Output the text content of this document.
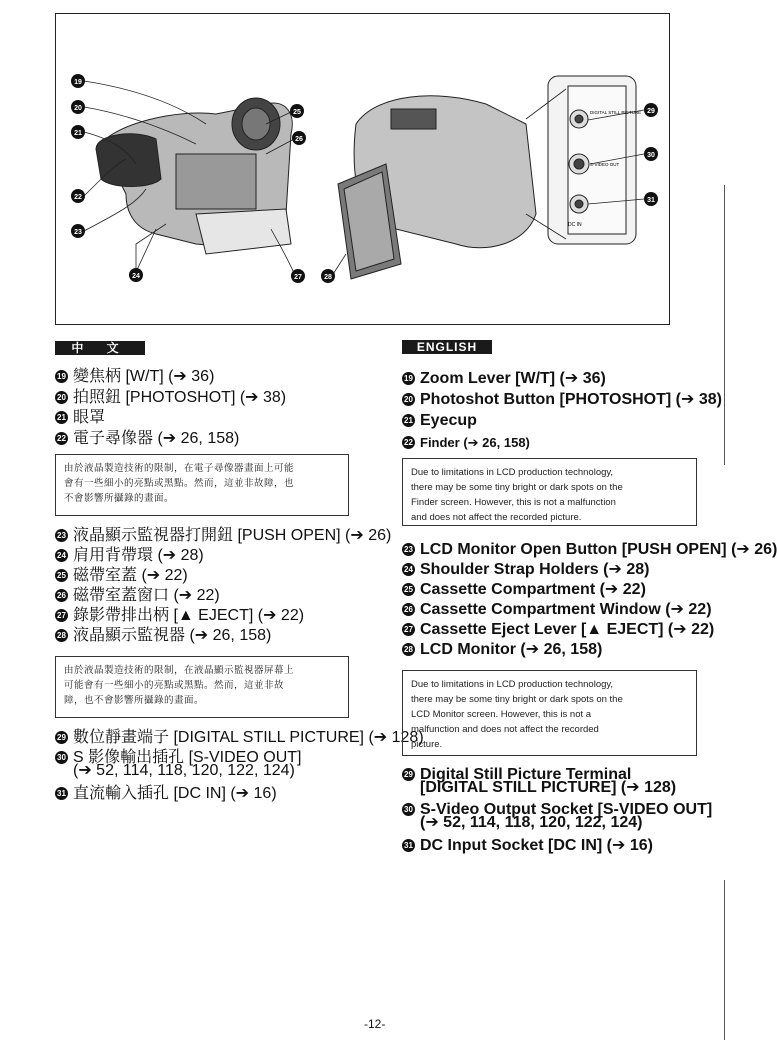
DIGITAL STILL PICTURE
S-VIDEO OUT
DC IN
19
20
21
22
23
24
25
26
27	28
29
30
31
中 文	ENGLISH
19 變焦柄 [W/T] (➔ 36)
20 拍照鈕 [PHOTOSHOT] (➔ 38)
21 眼罩
22 電子尋像器 (➔ 26, 158)
由於液晶製造技術的限制，在電子尋像器畫面上可能
會有一些細小的亮點或黑點。然而，這並非故障，也
不會影響所攝錄的畫面。
23 液晶顯示監視器打開鈕 [PUSH OPEN] (➔ 26)
24 肩用背帶環 (➔ 28)
25 磁帶室蓋 (➔ 22)
26 磁帶室蓋窗口 (➔ 22)
27 錄影帶排出柄 [▲ EJECT] (➔ 22)
28 液晶顯示監視器 (➔ 26, 158)
由於液晶製造技術的限制，在液晶顯示監視器屏幕上
可能會有一些細小的亮點或黑點。然而，這並非故
障，也不會影響所攝錄的畫面。
29 數位靜畫端子 [DIGITAL STILL PICTURE] (➔ 128)
30 S 影像輸出插孔 [S-VIDEO OUT]
(➔ 52, 114, 118, 120, 122, 124)
31 直流輸入插孔 [DC IN] (➔ 16)
19 Zoom Lever [W/T] (➔ 36)
20 Photoshot Button [PHOTOSHOT] (➔ 38)
21 Eyecup
22 Finder (➔ 26, 158)
Due to limitations in LCD production technology,
there may be some tiny bright or dark spots on the
Finder screen. However, this is not a malfunction
and does not affect the recorded picture.
23 LCD Monitor Open Button [PUSH OPEN] (➔ 26)
24 Shoulder Strap Holders (➔ 28)
25 Cassette Compartment (➔ 22)
26 Cassette Compartment Window (➔ 22)
27 Cassette Eject Lever [▲ EJECT] (➔ 22)
28 LCD Monitor (➔ 26, 158)
Due to limitations in LCD production technology,
there may be some tiny bright or dark spots on the
LCD Monitor screen. However, this is not a
malfunction and does not affect the recorded
picture.
29 Digital Still Picture Terminal
[DIGITAL STILL PICTURE] (➔ 128)
30 S-Video Output Socket [S-VIDEO OUT]
(➔ 52, 114, 118, 120, 122, 124)
31 DC Input Socket [DC IN] (➔ 16)
-12-
